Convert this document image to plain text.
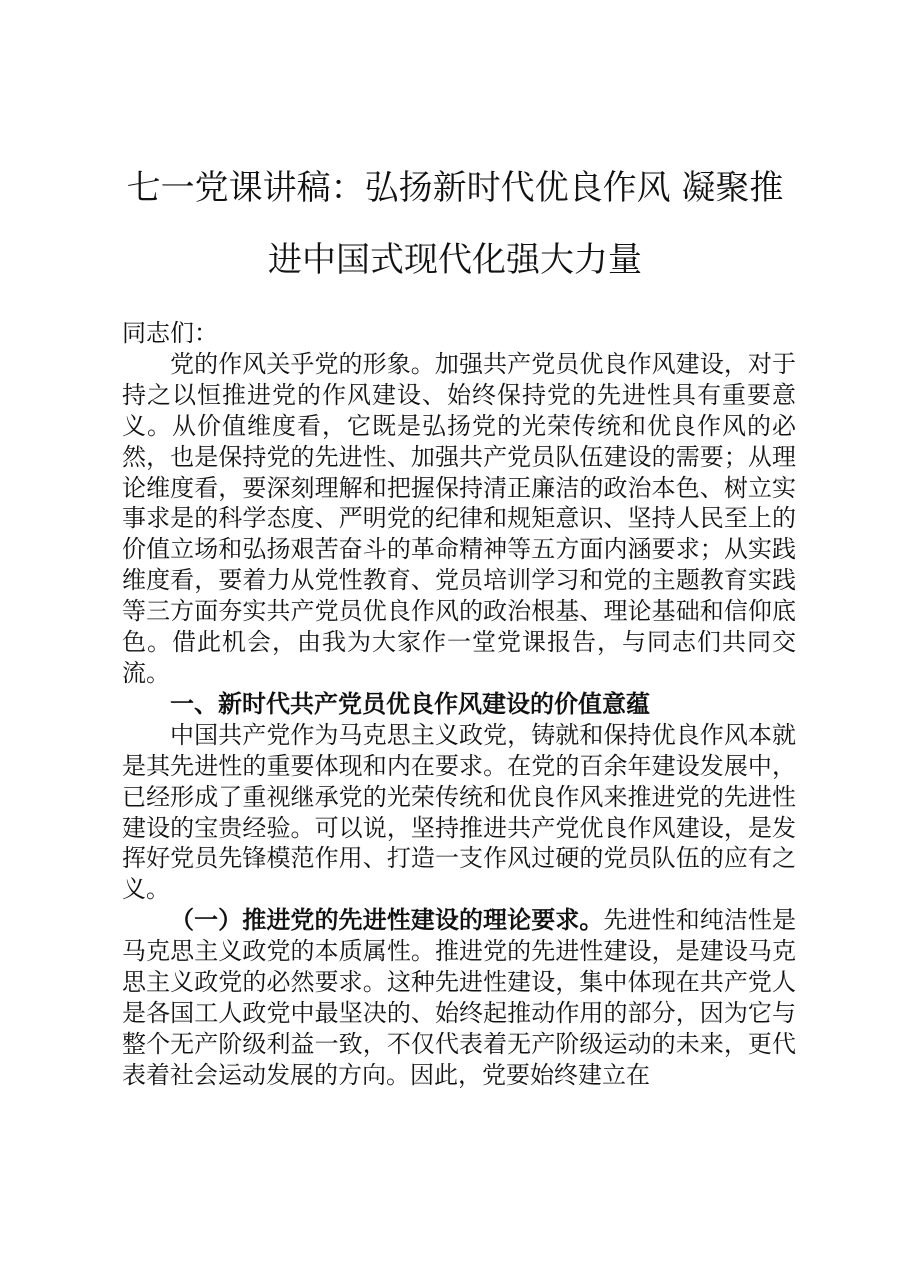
七一党课讲稿：弘扬新时代优良作风 凝聚推
进中国式现代化强大力量

同志们：

党的作风关乎党的形象。加强共产党员优良作风建设，对于持之以恒推进党的作风建设、始终保持党的先进性具有重要意义。从价值维度看，它既是弘扬党的光荣传统和优良作风的必然，也是保持党的先进性、加强共产党员队伍建设的需要；从理论维度看，要深刻理解和把握保持清正廉洁的政治本色、树立实事求是的科学态度、严明党的纪律和规矩意识、坚持人民至上的价值立场和弘扬艰苦奋斗的革命精神等五方面内涵要求；从实践维度看，要着力从党性教育、党员培训学习和党的主题教育实践等三方面夯实共产党员优良作风的政治根基、理论基础和信仰底色。借此机会，由我为大家作一堂党课报告，与同志们共同交流。

一、新时代共产党员优良作风建设的价值意蕴

中国共产党作为马克思主义政党，铸就和保持优良作风本就是其先进性的重要体现和内在要求。在党的百余年建设发展中，已经形成了重视继承党的光荣传统和优良作风来推进党的先进性建设的宝贵经验。可以说，坚持推进共产党优良作风建设，是发挥好党员先锋模范作用、打造一支作风过硬的党员队伍的应有之义。

（一）推进党的先进性建设的理论要求。先进性和纯洁性是马克思主义政党的本质属性。推进党的先进性建设，是建设马克思主义政党的必然要求。这种先进性建设，集中体现在共产党人是各国工人政党中最坚决的、始终起推动作用的部分，因为它与整个无产阶级利益一致，不仅代表着无产阶级运动的未来，更代表着社会运动发展的方向。因此，党要始终建立在
